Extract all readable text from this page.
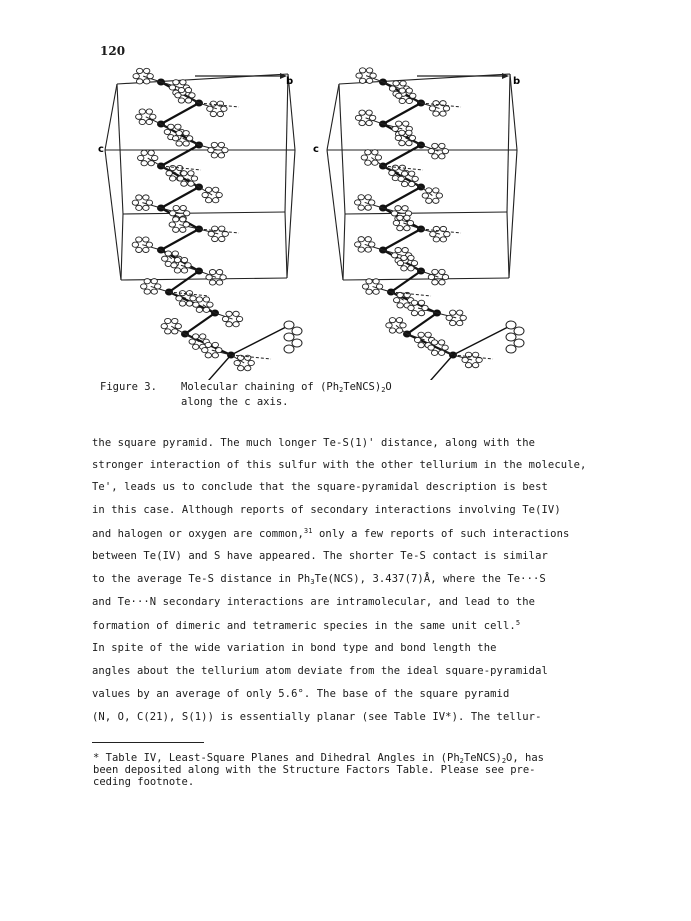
120
b
c
b
c

Figure 3.

Molecular chaining of $(Ph_2TeNCS)_2O$ along the c axis.

the square pyramid. The much longer Te-S(1)' distance, along with the
stronger interaction of this sulfur with the other tellurium in the molecule,
Te', leads us to conclude that the square-pyramidal description is best
in this case. Although reports of secondary interactions involving Te(IV)
and halogen or oxygen are common,$^{31}$ only a few reports of such interactions
between Te(IV) and S have appeared. The shorter Te-S contact is similar
to the average Te-S distance in $Ph_3Te(NCS)$, 3.437(7)Å, where the Te···S
and Te···N secondary interactions are intramolecular, and lead to the
formation of dimeric and tetrameric species in the same unit cell.$^5$
In spite of the wide variation in bond type and bond length the
angles about the tellurium atom deviate from the ideal square-pyramidal
values by an average of only 5.6°. The base of the square pyramid
(N, O, C(21), S(1)) is essentially planar (see Table IV*). The tellur-
* Table IV, Least-Square Planes and Dihedral Angles in $(Ph_2TeNCS)_2O$, has
been deposited along with the Structure Factors Table. Please see pre-
ceding footnote.
